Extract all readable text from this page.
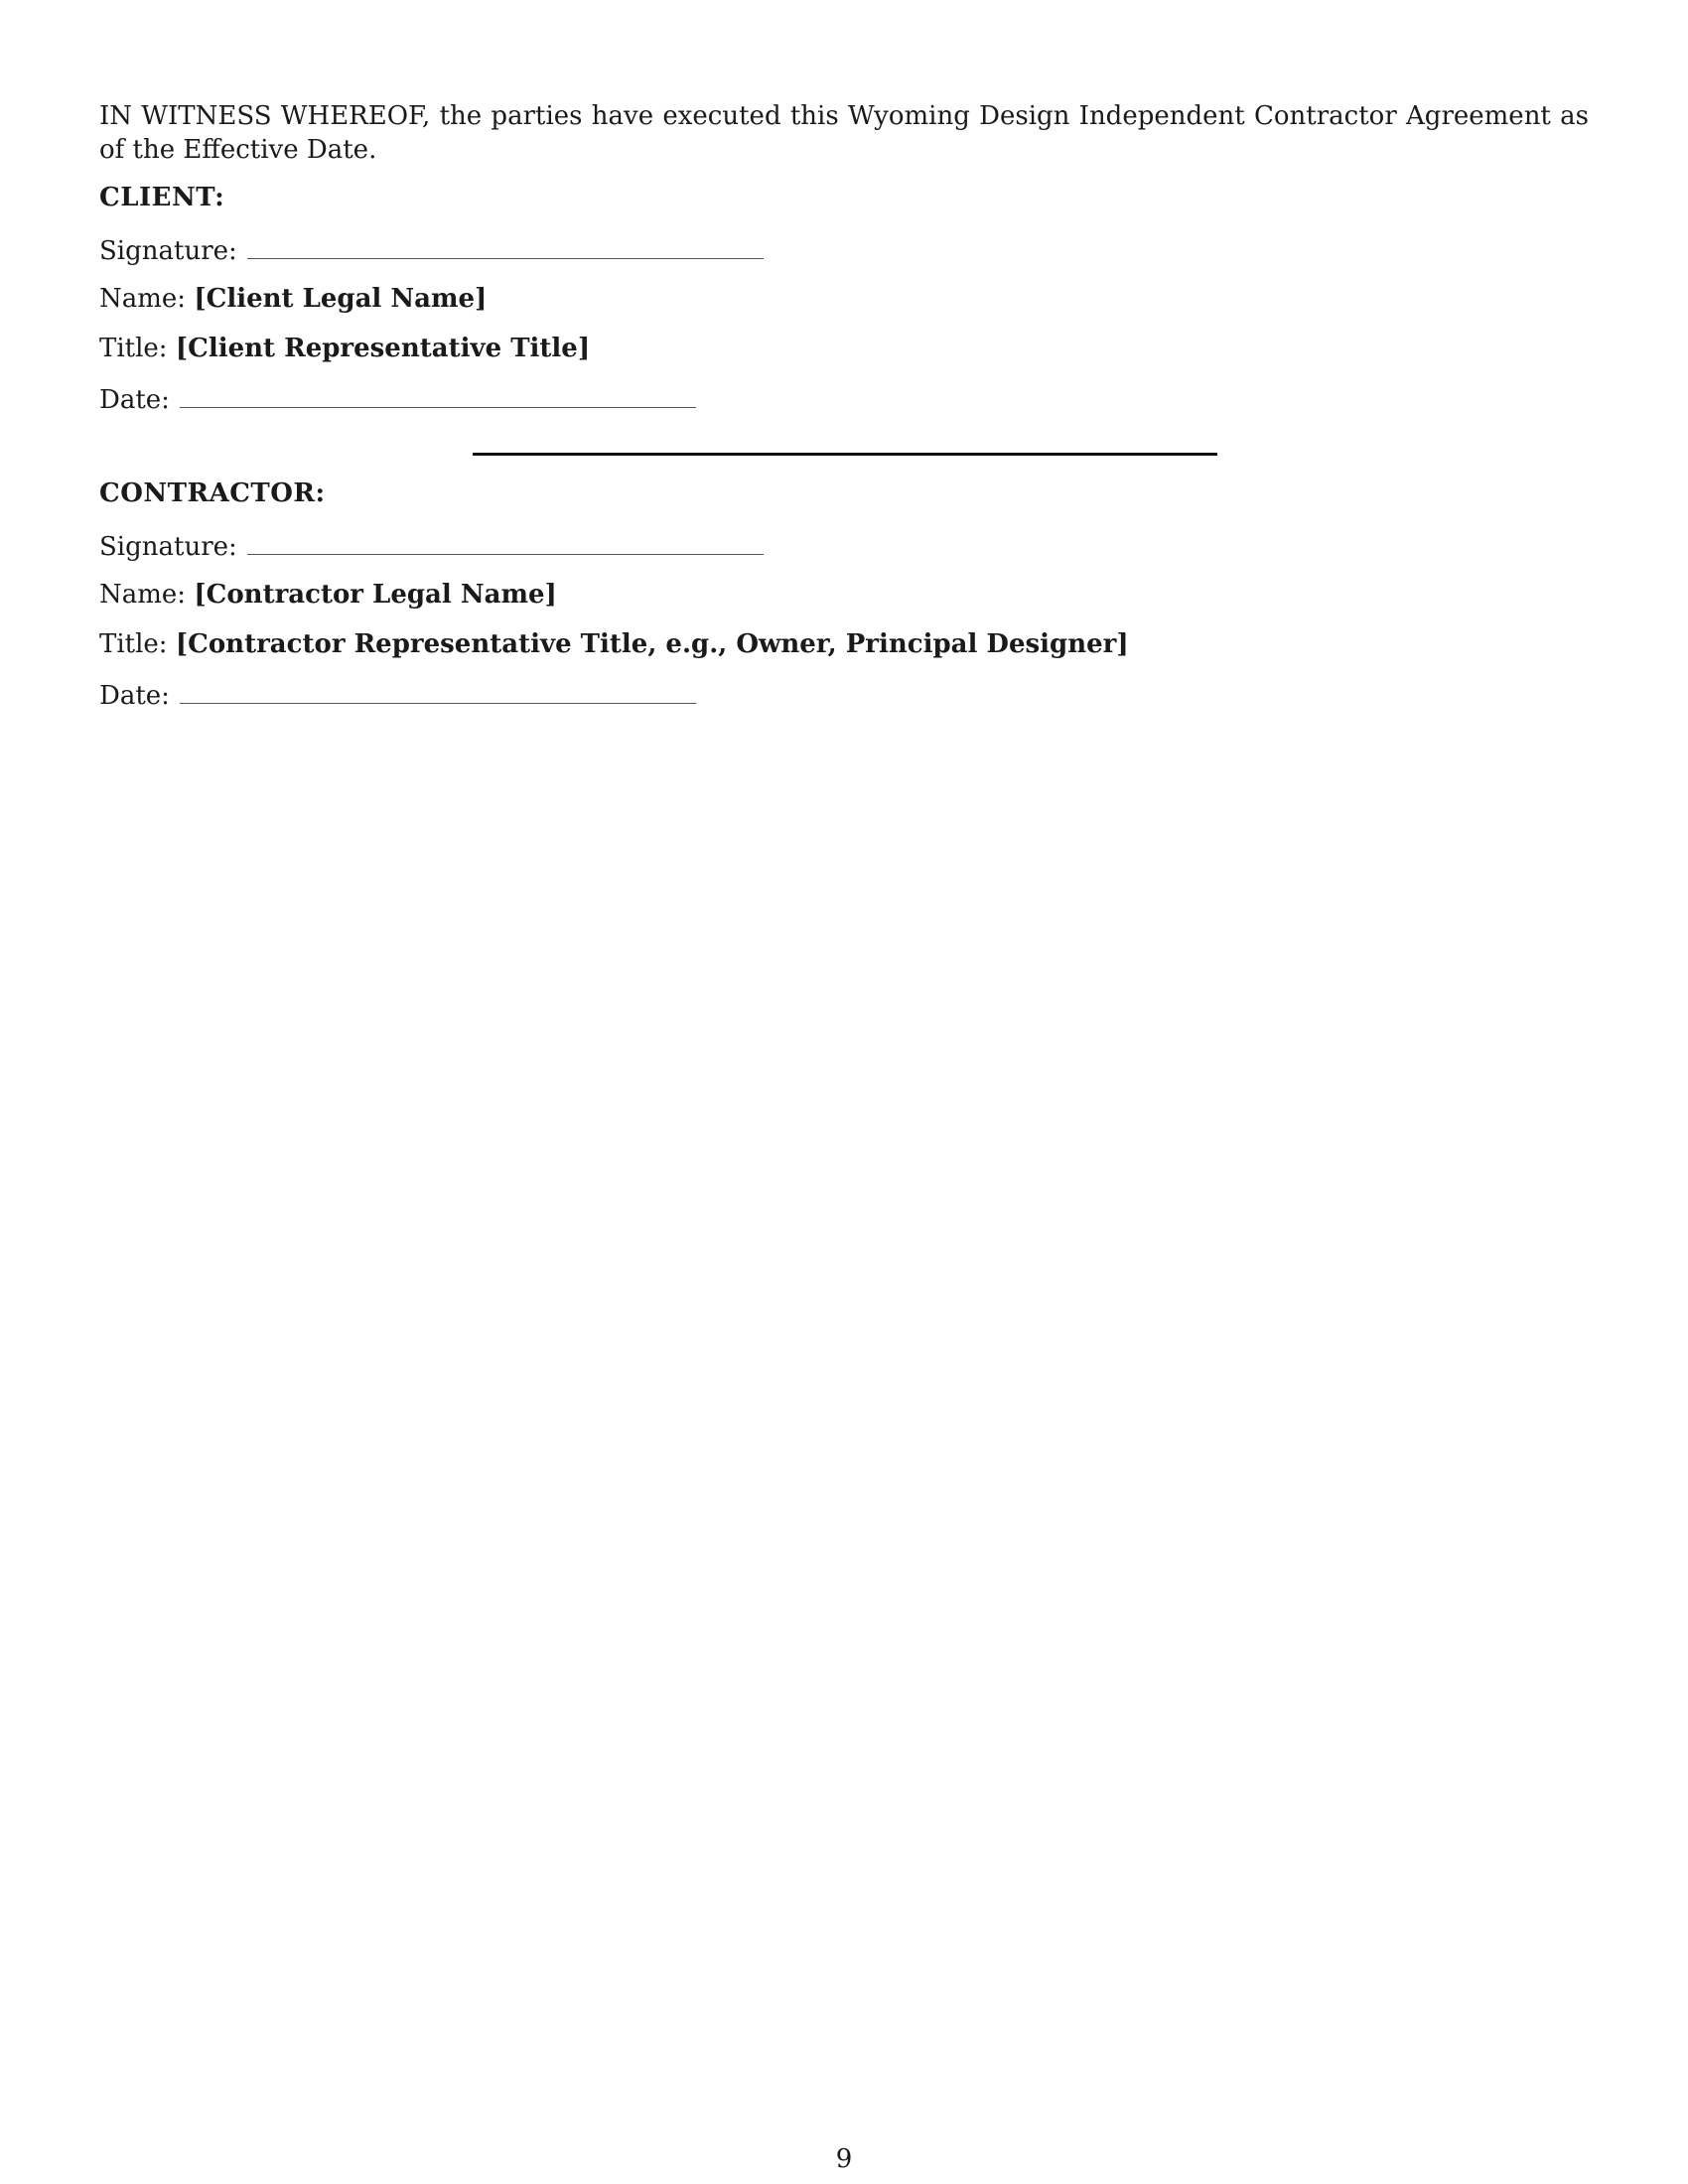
IN WITNESS WHEREOF, the parties have executed this Wyoming Design Independent Contractor Agreement as of the Effective Date.

CLIENT:
Signature:
Name: [Client Legal Name]
Title: [Client Representative Title]
Date:
CONTRACTOR:
Signature:
Name: [Contractor Legal Name]
Title: [Contractor Representative Title, e.g., Owner, Principal Designer]
Date:
9
